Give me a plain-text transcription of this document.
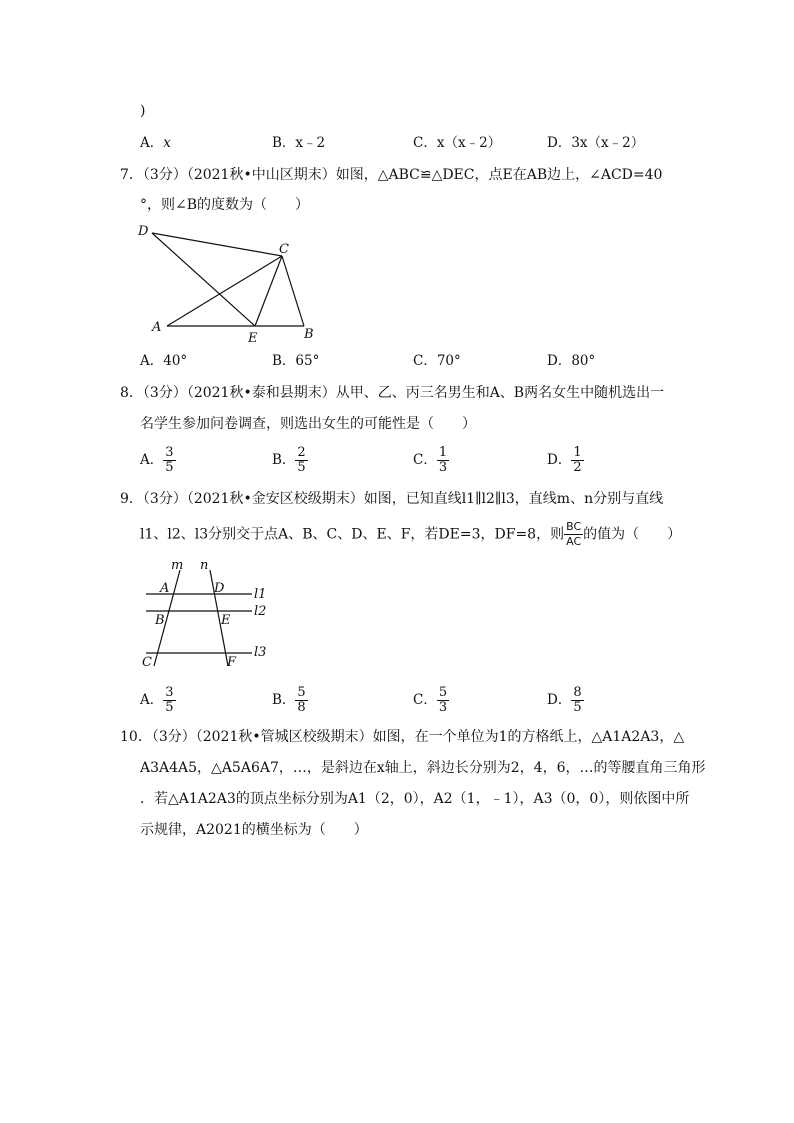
)
A．x	B．x﹣2	C．x（x﹣2）	D．3x（x﹣2）
7．（3分）（2021秋•中山区期末）如图，△ABC≌△DEC，点E在AB边上，∠ACD=40
°，则∠B的度数为（　　）
D
C
A
E	B
A．40°	B．65°	C．70°	D．80°
8．（3分）（2021秋•泰和县期末）从甲、乙、丙三名男生和A、B两名女生中随机选出一
名学生参加问卷调查，则选出女生的可能性是（　　）
A． $\frac{3}{5}$	B． $\frac{2}{5}$	C． $\frac{1}{3}$	D． $\frac{1}{2}$
9．（3分）（2021秋•金安区校级期末）如图，已知直线l1∥l2∥l3，直线m、n分别与直线
l1、l2、l3分别交于点A、B、C、D、E、F，若DE=3，DF=8，则 $\frac{BC}{AC}$ 的值为（　　）
m n
A	D l1
B	E
l2
C	F
l3
A． $\frac{3}{5}$	B． $\frac{5}{8}$	C． $\frac{5}{3}$	D． $\frac{8}{5}$
10．（3分）（2021秋•管城区校级期末）如图，在一个单位为1的方格纸上，△A1A2A3，△
A3A4A5，△A5A6A7，…，是斜边在x轴上，斜边长分别为2，4，6，…的等腰直角三角形
．若△A1A2A3的顶点坐标分别为A1（2，0），A2（1，﹣1），A3（0，0），则依图中所
示规律，A2021的横坐标为（　　）
